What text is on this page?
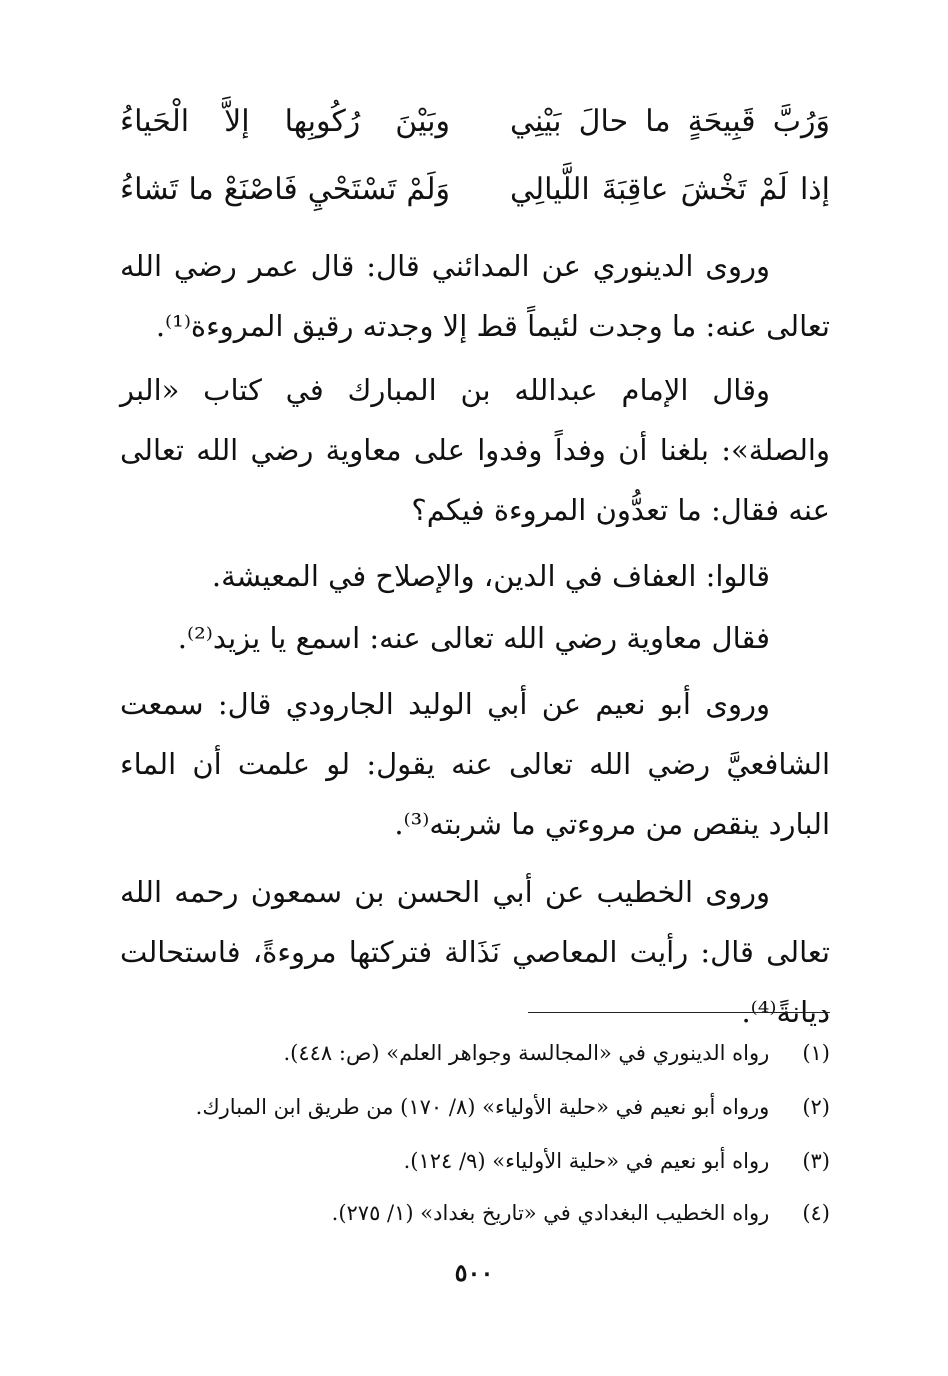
وَرُبَّ قَبِيحَةٍ ما حالَ بَيْنِي
وبَيْنَ رُكُوبِها إلاَّ الْحَياءُ
إذا لَمْ تَخْشَ عاقِبَةَ اللَّيالِي
وَلَمْ تَسْتَحْيِ فَاصْنَعْ ما تَشاءُ

وروى الدينوري عن المدائني قال: قال عمر رضي الله تعالى عنه: ما وجدت لئيماً قط إلا وجدته رقيق المروءة⁽¹⁾.

وقال الإمام عبدالله بن المبارك في كتاب «البر والصلة»: بلغنا أن وفداً وفدوا على معاوية رضي الله تعالى عنه فقال: ما تعدُّون المروءة فيكم؟

قالوا: العفاف في الدين، والإصلاح في المعيشة.

فقال معاوية رضي الله تعالى عنه: اسمع يا يزيد⁽²⁾.

وروى أبو نعيم عن أبي الوليد الجارودي قال: سمعت الشافعيَّ رضي الله تعالى عنه يقول: لو علمت أن الماء البارد ينقص من مروءتي ما شربته⁽³⁾.

وروى الخطيب عن أبي الحسن بن سمعون رحمه الله تعالى قال: رأيت المعاصي نَذَالة فتركتها مروءةً، فاستحالت ديانةً⁽⁴⁾.

(١) رواه الدينوري في «المجالسة وجواهر العلم» (ص: ٤٤٨).
(٢) ورواه أبو نعيم في «حلية الأولياء» (٨/ ١٧٠) من طريق ابن المبارك.
(٣) رواه أبو نعيم في «حلية الأولياء» (٩/ ١٢٤).
(٤) رواه الخطيب البغدادي في «تاريخ بغداد» (١/ ٢٧٥).
٥٠٠
